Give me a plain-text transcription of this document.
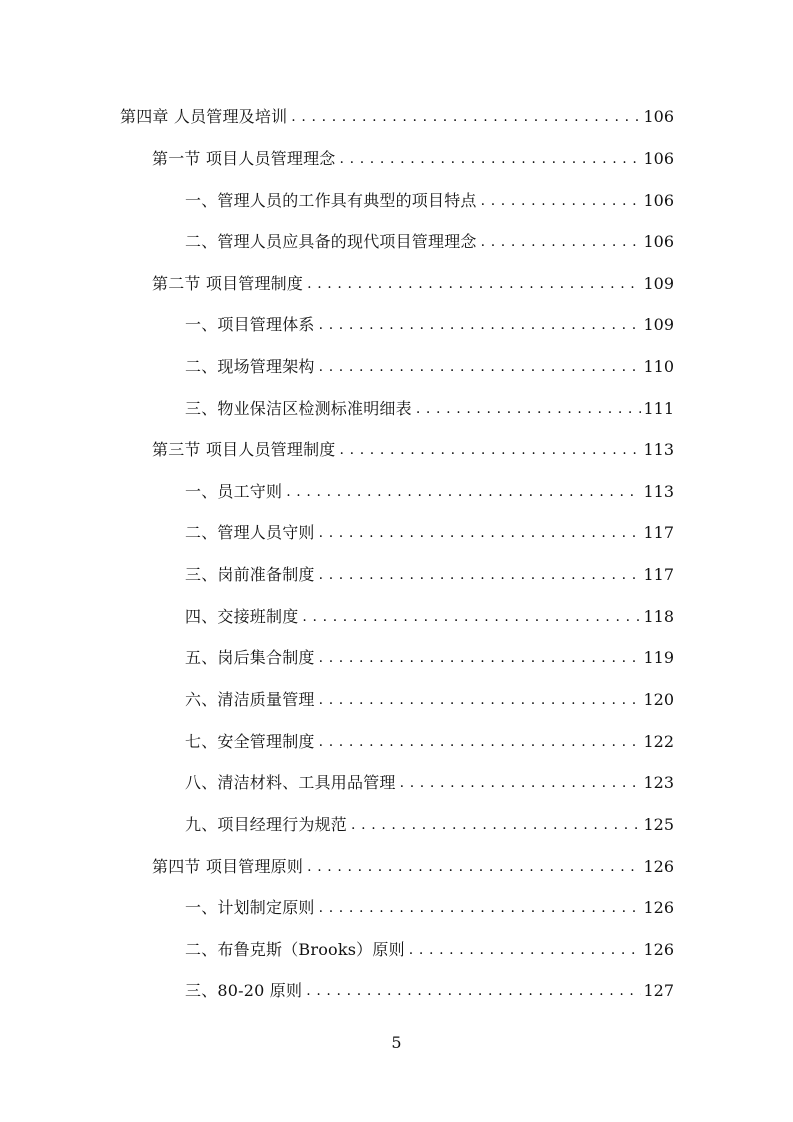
第四章 人员管理及培训 . . .	106
第一节 项目人员管理理念 . . .	106
一、管理人员的工作具有典型的项目特点 . . .	106
二、管理人员应具备的现代项目管理理念 . . .	106
第二节 项目管理制度 . . .	109
一、项目管理体系 . . .	109
二、现场管理架构 . . .	110
三、物业保洁区检测标准明细表 . . .	111
第三节 项目人员管理制度 . . .	113
一、员工守则 . . .	113
二、管理人员守则 . . .	117
三、岗前准备制度 . . .	117
四、交接班制度 . . .	118
五、岗后集合制度 . . .	119
六、清洁质量管理 . . .	120
七、安全管理制度 . . .	122
八、清洁材料、工具用品管理 . . .	123
九、项目经理行为规范 . . .	125
第四节 项目管理原则 . . .	126
一、计划制定原则 . . .	126
二、布鲁克斯（Brooks）原则 . . .	126
三、80-20 原则 . . .	127
5
